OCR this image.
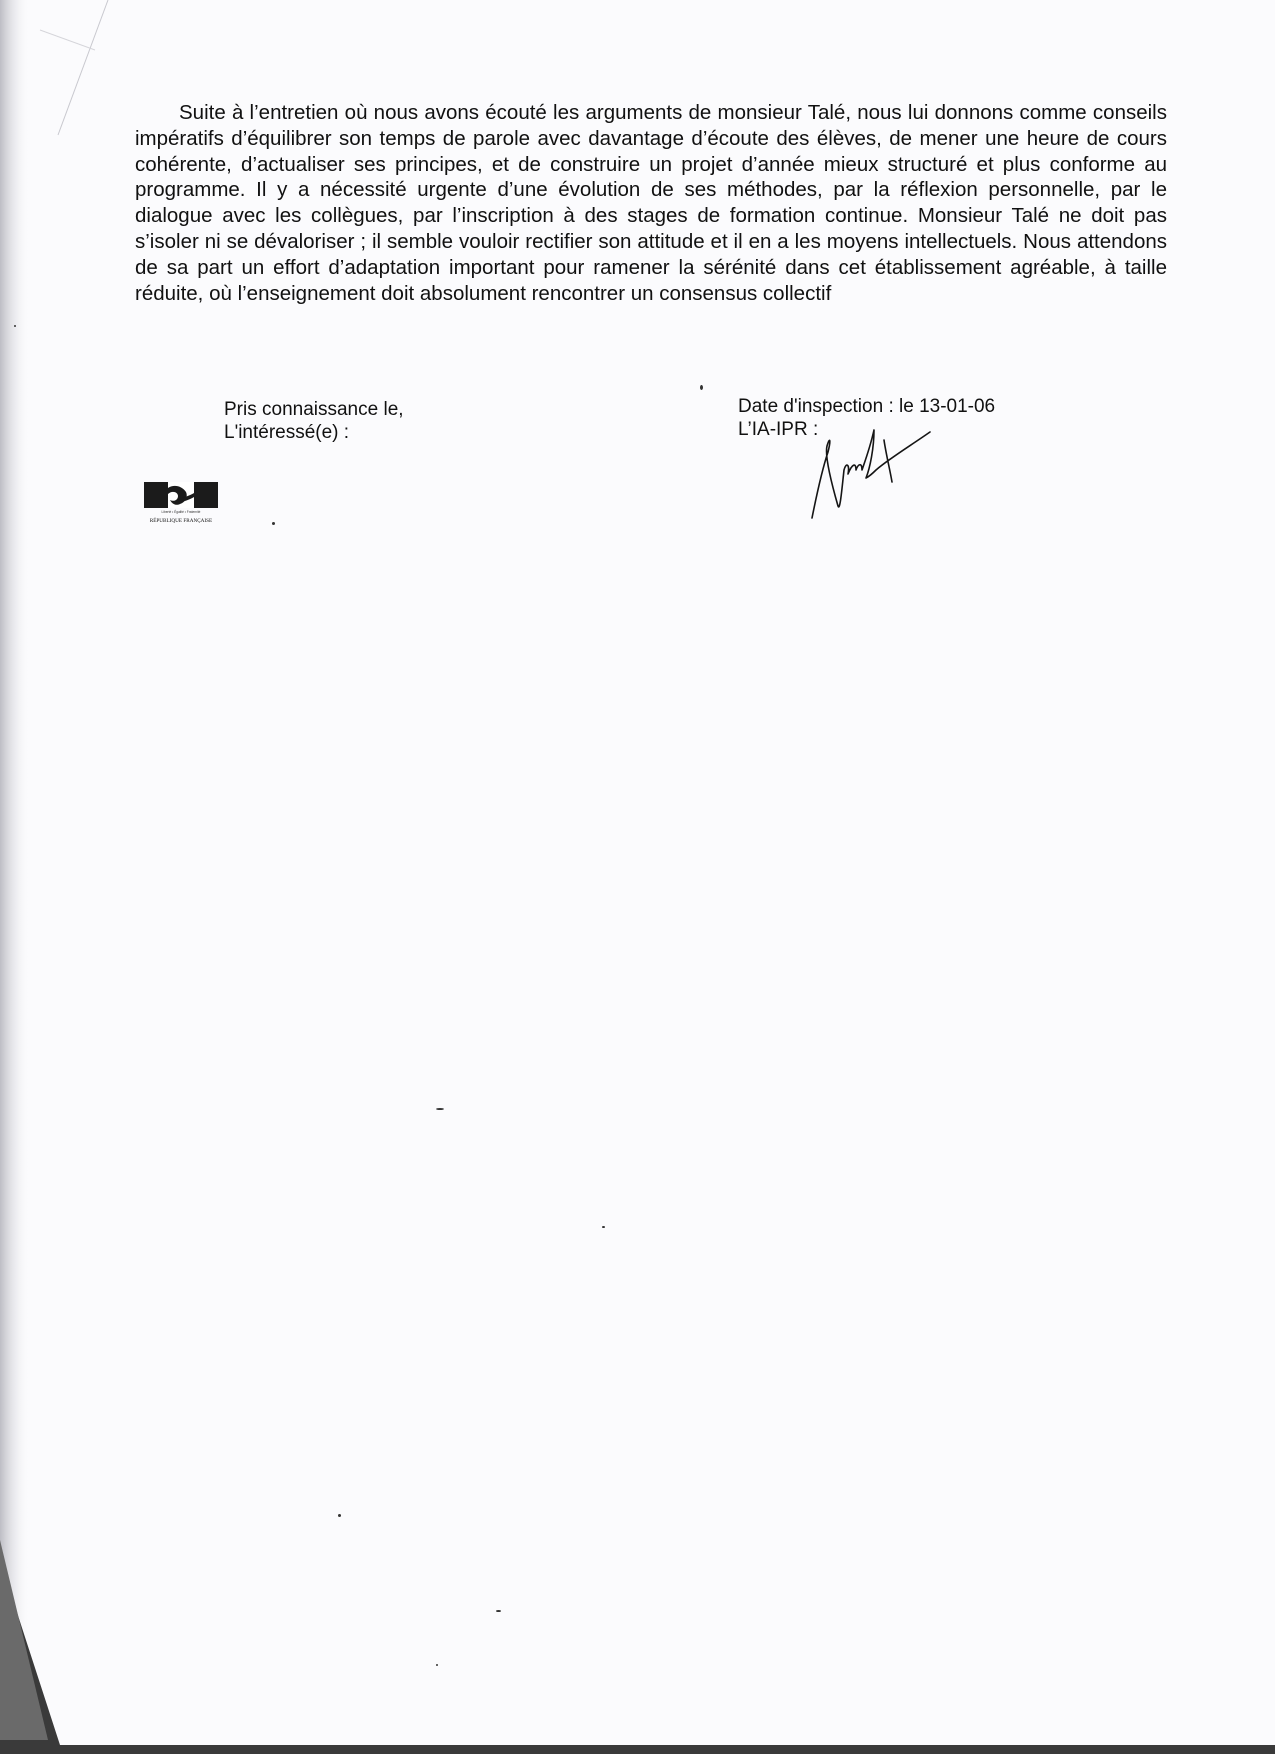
Suite à l’entretien où nous avons écouté les arguments de monsieur Talé, nous lui donnons comme conseils impératifs d’équilibrer son temps de parole avec davantage d’écoute des élèves, de mener une heure de cours cohérente, d’actualiser ses principes, et de construire un projet d’année mieux structuré et plus conforme au programme. Il y a nécessité urgente d’une évolution de ses méthodes, par la réflexion personnelle, par le dialogue avec les collègues, par l’inscription à des stages de formation continue. Monsieur Talé ne doit pas s’isoler ni se dévaloriser ; il semble vouloir rectifier son attitude et il en a les moyens intellectuels. Nous attendons de sa part un effort d’adaptation important pour ramener la sérénité dans cet établissement agréable, à taille réduite, où l’enseignement doit absolument rencontrer un consensus collectif

Pris connaissance le,
L'intéressé(e) :
Date d'inspection : le 13-01-06
L’IA-IPR :
Liberté • Égalité • Fraternité
RÉPUBLIQUE FRANÇAISE
